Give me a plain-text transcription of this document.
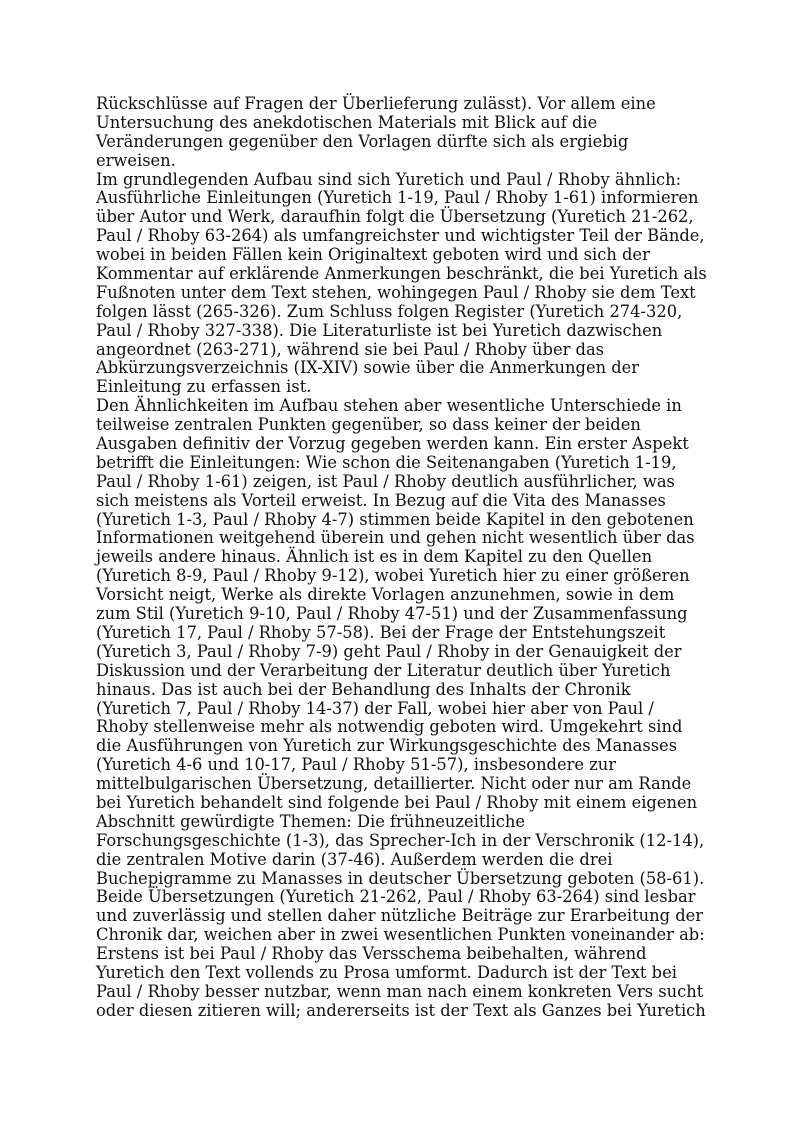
Rückschlüsse auf Fragen der Überlieferung zulässt). Vor allem eine
Untersuchung des anekdotischen Materials mit Blick auf die
Veränderungen gegenüber den Vorlagen dürfte sich als ergiebig
erweisen.
Im grundlegenden Aufbau sind sich Yuretich und Paul / Rhoby ähnlich:
Ausführliche Einleitungen (Yuretich 1-19, Paul / Rhoby 1-61) informieren
über Autor und Werk, daraufhin folgt die Übersetzung (Yuretich 21-262,
Paul / Rhoby 63-264) als umfangreichster und wichtigster Teil der Bände,
wobei in beiden Fällen kein Originaltext geboten wird und sich der
Kommentar auf erklärende Anmerkungen beschränkt, die bei Yuretich als
Fußnoten unter dem Text stehen, wohingegen Paul / Rhoby sie dem Text
folgen lässt (265-326). Zum Schluss folgen Register (Yuretich 274-320,
Paul / Rhoby 327-338). Die Literaturliste ist bei Yuretich dazwischen
angeordnet (263-271), während sie bei Paul / Rhoby über das
Abkürzungsverzeichnis (IX-XIV) sowie über die Anmerkungen der
Einleitung zu erfassen ist.
Den Ähnlichkeiten im Aufbau stehen aber wesentliche Unterschiede in
teilweise zentralen Punkten gegenüber, so dass keiner der beiden
Ausgaben definitiv der Vorzug gegeben werden kann. Ein erster Aspekt
betrifft die Einleitungen: Wie schon die Seitenangaben (Yuretich 1-19,
Paul / Rhoby 1-61) zeigen, ist Paul / Rhoby deutlich ausführlicher, was
sich meistens als Vorteil erweist. In Bezug auf die Vita des Manasses
(Yuretich 1-3, Paul / Rhoby 4-7) stimmen beide Kapitel in den gebotenen
Informationen weitgehend überein und gehen nicht wesentlich über das
jeweils andere hinaus. Ähnlich ist es in dem Kapitel zu den Quellen
(Yuretich 8-9, Paul / Rhoby 9-12), wobei Yuretich hier zu einer größeren
Vorsicht neigt, Werke als direkte Vorlagen anzunehmen, sowie in dem
zum Stil (Yuretich 9-10, Paul / Rhoby 47-51) und der Zusammenfassung
(Yuretich 17, Paul / Rhoby 57-58). Bei der Frage der Entstehungszeit
(Yuretich 3, Paul / Rhoby 7-9) geht Paul / Rhoby in der Genauigkeit der
Diskussion und der Verarbeitung der Literatur deutlich über Yuretich
hinaus. Das ist auch bei der Behandlung des Inhalts der Chronik
(Yuretich 7, Paul / Rhoby 14-37) der Fall, wobei hier aber von Paul /
Rhoby stellenweise mehr als notwendig geboten wird. Umgekehrt sind
die Ausführungen von Yuretich zur Wirkungsgeschichte des Manasses
(Yuretich 4-6 und 10-17, Paul / Rhoby 51-57), insbesondere zur
mittelbulgarischen Übersetzung, detaillierter. Nicht oder nur am Rande
bei Yuretich behandelt sind folgende bei Paul / Rhoby mit einem eigenen
Abschnitt gewürdigte Themen: Die frühneuzeitliche
Forschungsgeschichte (1-3), das Sprecher-Ich in der Verschronik (12-14),
die zentralen Motive darin (37-46). Außerdem werden die drei
Buchepigramme zu Manasses in deutscher Übersetzung geboten (58-61).
Beide Übersetzungen (Yuretich 21-262, Paul / Rhoby 63-264) sind lesbar
und zuverlässig und stellen daher nützliche Beiträge zur Erarbeitung der
Chronik dar, weichen aber in zwei wesentlichen Punkten voneinander ab:
Erstens ist bei Paul / Rhoby das Versschema beibehalten, während
Yuretich den Text vollends zu Prosa umformt. Dadurch ist der Text bei
Paul / Rhoby besser nutzbar, wenn man nach einem konkreten Vers sucht
oder diesen zitieren will; andererseits ist der Text als Ganzes bei Yuretich
